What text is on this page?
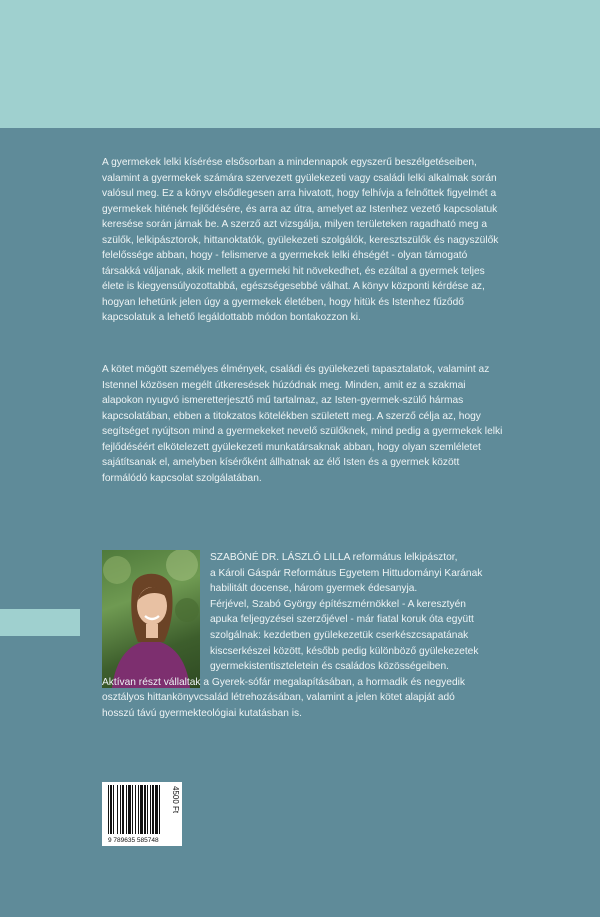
A gyermekek lelki kísérése elsősorban a mindennapok egyszerű beszélgetéseiben, valamint a gyermekek számára szervezett gyülekezeti vagy családi lelki alkalmak során valósul meg. Ez a könyv elsődlegesen arra hivatott, hogy felhívja a felnőttek figyelmét a gyermekek hitének fejlődésére, és arra az útra, amelyet az Istenhez vezető kapcsolatuk keresése során járnak be. A szerző azt vizsgálja, milyen területeken ragadható meg a szülők, lelkipásztorok, hittanoktatók, gyülekezeti szolgálók, keresztszülők és nagyszülők felelőssége abban, hogy - felismerve a gyermekek lelki éhségét - olyan támogató társakká váljanak, akik mellett a gyermeki hit növekedhet, és ezáltal a gyermek teljes élete is kiegyensúlyozottabbá, egészségesebbé válhat. A könyv központi kérdése az, hogyan lehetünk jelen úgy a gyermekek életében, hogy hitük és Istenhez fűződő kapcsolatuk a lehető legáldottabb módon bontakozzon ki.

A kötet mögött személyes élmények, családi és gyülekezeti tapasztalatok, valamint az Istennel közösen megélt útkeresések húzódnak meg. Minden, amit ez a szakmai alapokon nyugvó ismeretterjesztő mű tartalmaz, az Isten-gyermek-szülő hármas kapcsolatában, ebben a titokzatos kötelékben született meg. A szerző célja az, hogy segítséget nyújtson mind a gyermekeket nevelő szülőknek, mind pedig a gyermekek lelki fejlődéséért elkötelezett gyülekezeti munkatársaknak abban, hogy olyan szemléletet sajátítsanak el, amelyben kísérőként állhatnak az élő Isten és a gyermek között formálódó kapcsolat szolgálatában.

SZABÓNÉ DR. LÁSZLÓ LILLA református lelkipásztor,
a Károli Gáspár Református Egyetem Hittudományi Karának
habilitált docense, három gyermek édesanyja.
Férjével, Szabó György építészmérnökkel - A keresztyén
apuka feljegyzései szerzőjével - már fiatal koruk óta együtt
szolgálnak: kezdetben gyülekezetük cserkészcsapatának
kiscserkészei között, később pedig különböző gyülekezetek
gyermekistentiszteletein és családos közösségeiben.
Aktívan részt vállaltak a Gyerek-sófár megalapításában, a hormadik és negyedik
osztályos hittankönyvcsalád létrehozásában, valamint a jelen kötet alapját adó
hosszú távú gyermekteológiai kutatásban is.
9 789635 585748
4500 Ft
